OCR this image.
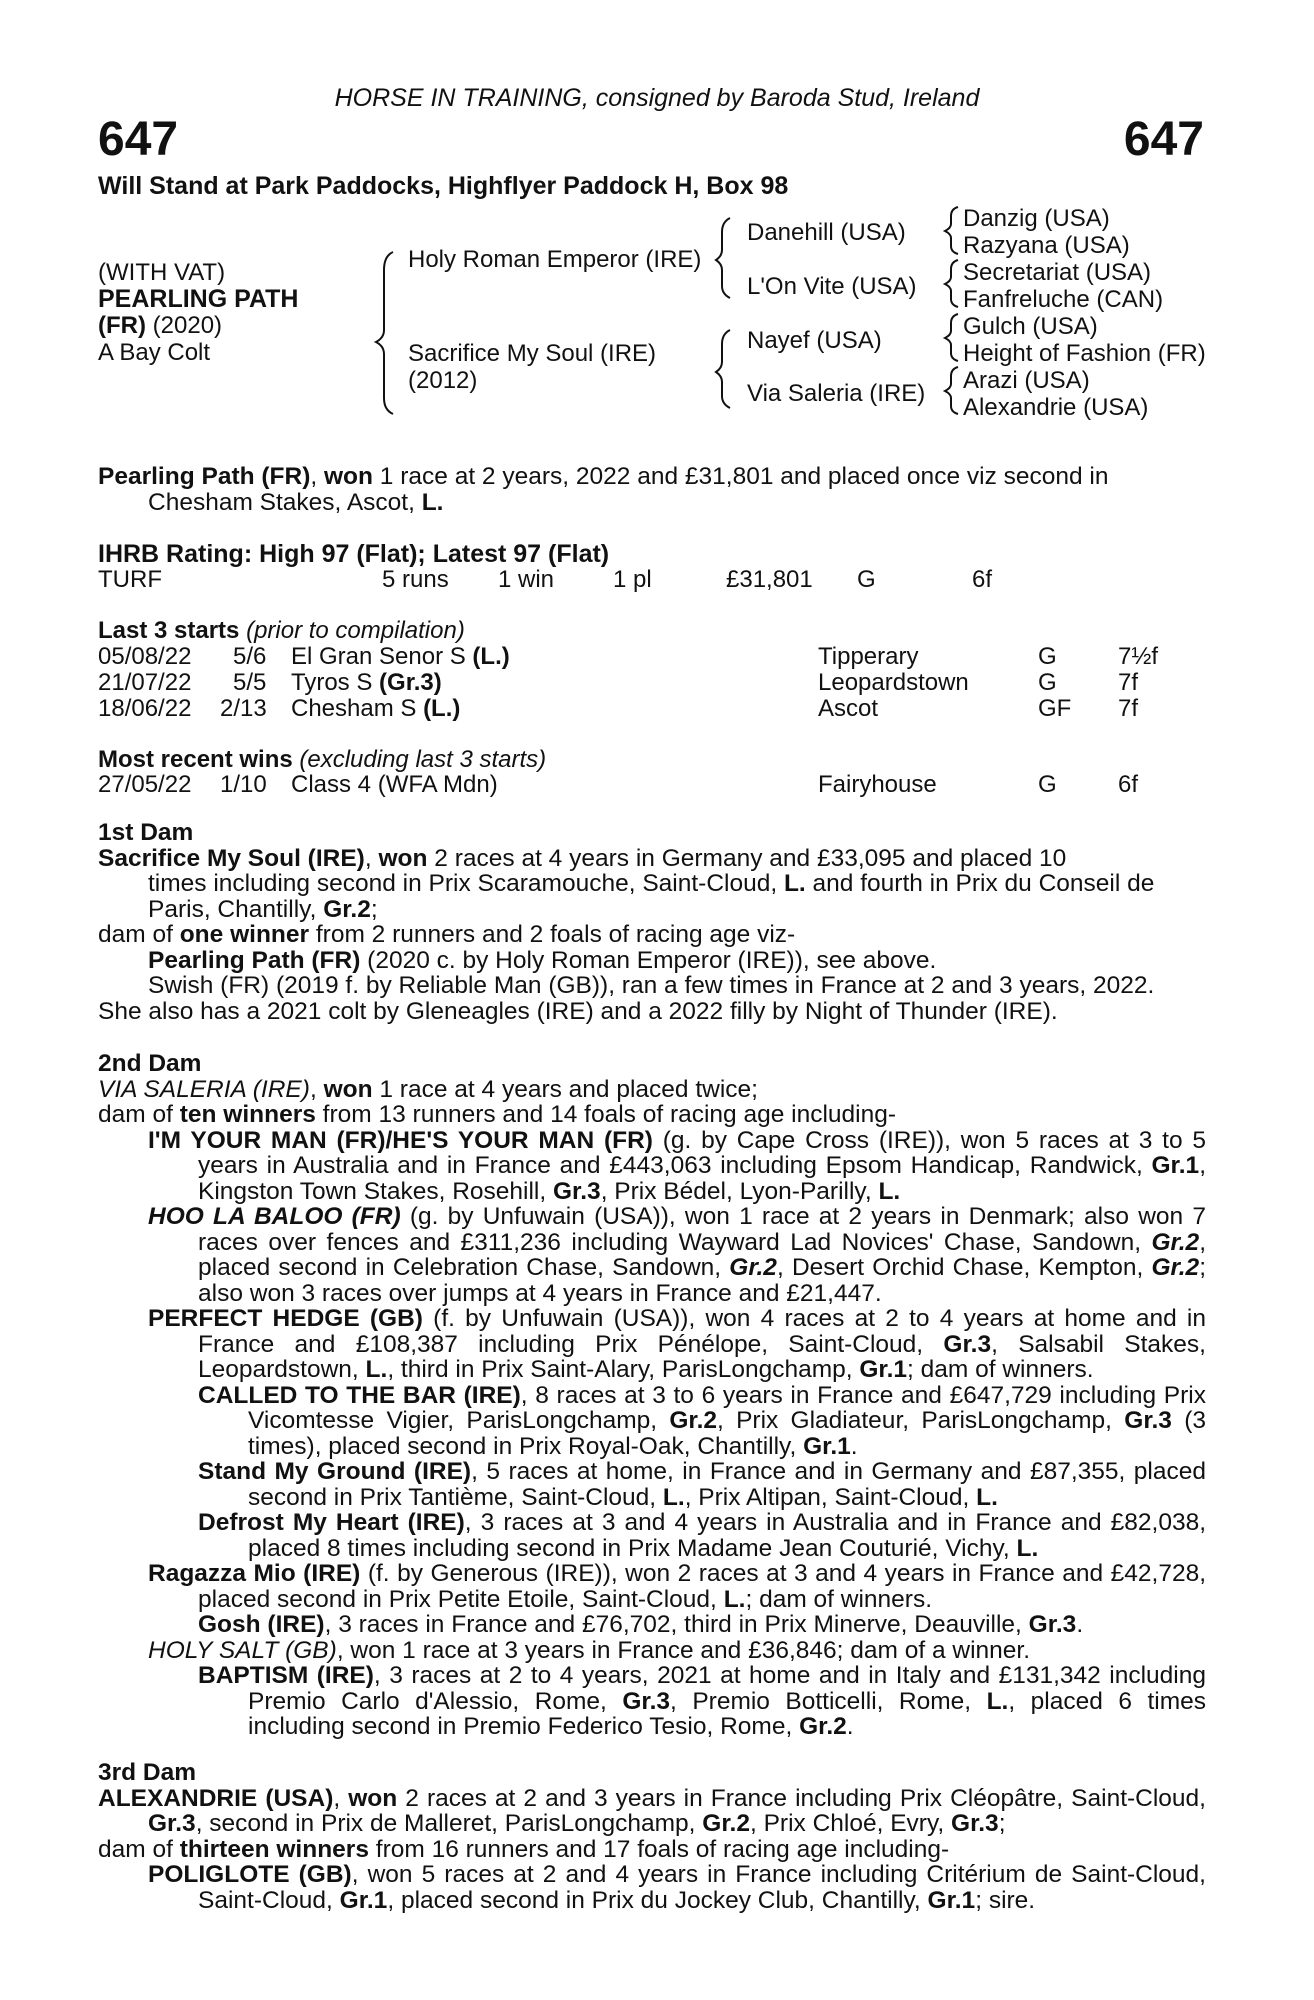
HORSE IN TRAINING, consigned by Baroda Stud, Ireland
647	647
Will Stand at Park Paddocks, Highflyer Paddock H, Box 98
(WITH VAT)
PEARLING PATH
(FR) (2020)
A Bay Colt
Holy Roman Emperor (IRE)
Sacrifice My Soul (IRE)
(2012)
Danehill (USA)
L'On Vite (USA)
Nayef (USA)
Via Saleria (IRE)
Danzig (USA)
Razyana (USA)
Secretariat (USA)
Fanfreluche (CAN)
Gulch (USA)
Height of Fashion (FR)
Arazi (USA)
Alexandrie (USA)
Pearling Path (FR), won 1 race at 2 years, 2022 and £31,801 and placed once viz second in
Chesham Stakes, Ascot, L.
IHRB Rating: High 97 (Flat); Latest 97 (Flat)
TURF	5 runs 1 win 1 pl	£31,801 G	6f
Last 3 starts (prior to compilation)
05/08/22 5/6 El Gran Senor S (L.)	Tipperary	G	7½f
21/07/22 5/5 Tyros S (Gr.3)	Leopardstown	G	7f
18/06/22 2/13 Chesham S (L.)	Ascot	GF 7f
Most recent wins (excluding last 3 starts)
27/05/22 1/10 Class 4 (WFA Mdn)	Fairyhouse	G	6f
1st Dam
Sacrifice My Soul (IRE), won 2 races at 4 years in Germany and £33,095 and placed 10
times including second in Prix Scaramouche, Saint-Cloud, L. and fourth in Prix du Conseil de
Paris, Chantilly, Gr.2;
dam of one winner from 2 runners and 2 foals of racing age viz-
Pearling Path (FR) (2020 c. by Holy Roman Emperor (IRE)), see above.
Swish (FR) (2019 f. by Reliable Man (GB)), ran a few times in France at 2 and 3 years, 2022.
She also has a 2021 colt by Gleneagles (IRE) and a 2022 filly by Night of Thunder (IRE).
2nd Dam
VIA SALERIA (IRE), won 1 race at 4 years and placed twice;
dam of ten winners from 13 runners and 14 foals of racing age including-
I'M YOUR MAN (FR)/HE'S YOUR MAN (FR) (g. by Cape Cross (IRE)), won 5 races at 3 to 5 years in Australia and in France and £443,063 including Epsom Handicap, Randwick, Gr.1, Kingston Town Stakes, Rosehill, Gr.3, Prix Bédel, Lyon-Parilly, L.
HOO LA BALOO (FR) (g. by Unfuwain (USA)), won 1 race at 2 years in Denmark; also won 7 races over fences and £311,236 including Wayward Lad Novices' Chase, Sandown, Gr.2, placed second in Celebration Chase, Sandown, Gr.2, Desert Orchid Chase, Kempton, Gr.2; also won 3 races over jumps at 4 years in France and £21,447.
PERFECT HEDGE (GB) (f. by Unfuwain (USA)), won 4 races at 2 to 4 years at home and in France and £108,387 including Prix Pénélope, Saint-Cloud, Gr.3, Salsabil Stakes, Leopardstown, L., third in Prix Saint-Alary, ParisLongchamp, Gr.1; dam of winners.
CALLED TO THE BAR (IRE), 8 races at 3 to 6 years in France and £647,729 including Prix Vicomtesse Vigier, ParisLongchamp, Gr.2, Prix Gladiateur, ParisLongchamp, Gr.3 (3 times), placed second in Prix Royal-Oak, Chantilly, Gr.1.
Stand My Ground (IRE), 5 races at home, in France and in Germany and £87,355, placed second in Prix Tantième, Saint-Cloud, L., Prix Altipan, Saint-Cloud, L.
Defrost My Heart (IRE), 3 races at 3 and 4 years in Australia and in France and £82,038, placed 8 times including second in Prix Madame Jean Couturié, Vichy, L.
Ragazza Mio (IRE) (f. by Generous (IRE)), won 2 races at 3 and 4 years in France and £42,728, placed second in Prix Petite Etoile, Saint-Cloud, L.; dam of winners.
Gosh (IRE), 3 races in France and £76,702, third in Prix Minerve, Deauville, Gr.3.
HOLY SALT (GB), won 1 race at 3 years in France and £36,846; dam of a winner.
BAPTISM (IRE), 3 races at 2 to 4 years, 2021 at home and in Italy and £131,342 including Premio Carlo d'Alessio, Rome, Gr.3, Premio Botticelli, Rome, L., placed 6 times including second in Premio Federico Tesio, Rome, Gr.2.
3rd Dam
ALEXANDRIE (USA), won 2 races at 2 and 3 years in France including Prix Cléopâtre, Saint-Cloud, Gr.3, second in Prix de Malleret, ParisLongchamp, Gr.2, Prix Chloé, Evry, Gr.3;
dam of thirteen winners from 16 runners and 17 foals of racing age including-
POLIGLOTE (GB), won 5 races at 2 and 4 years in France including Critérium de Saint-Cloud, Saint-Cloud, Gr.1, placed second in Prix du Jockey Club, Chantilly, Gr.1; sire.
